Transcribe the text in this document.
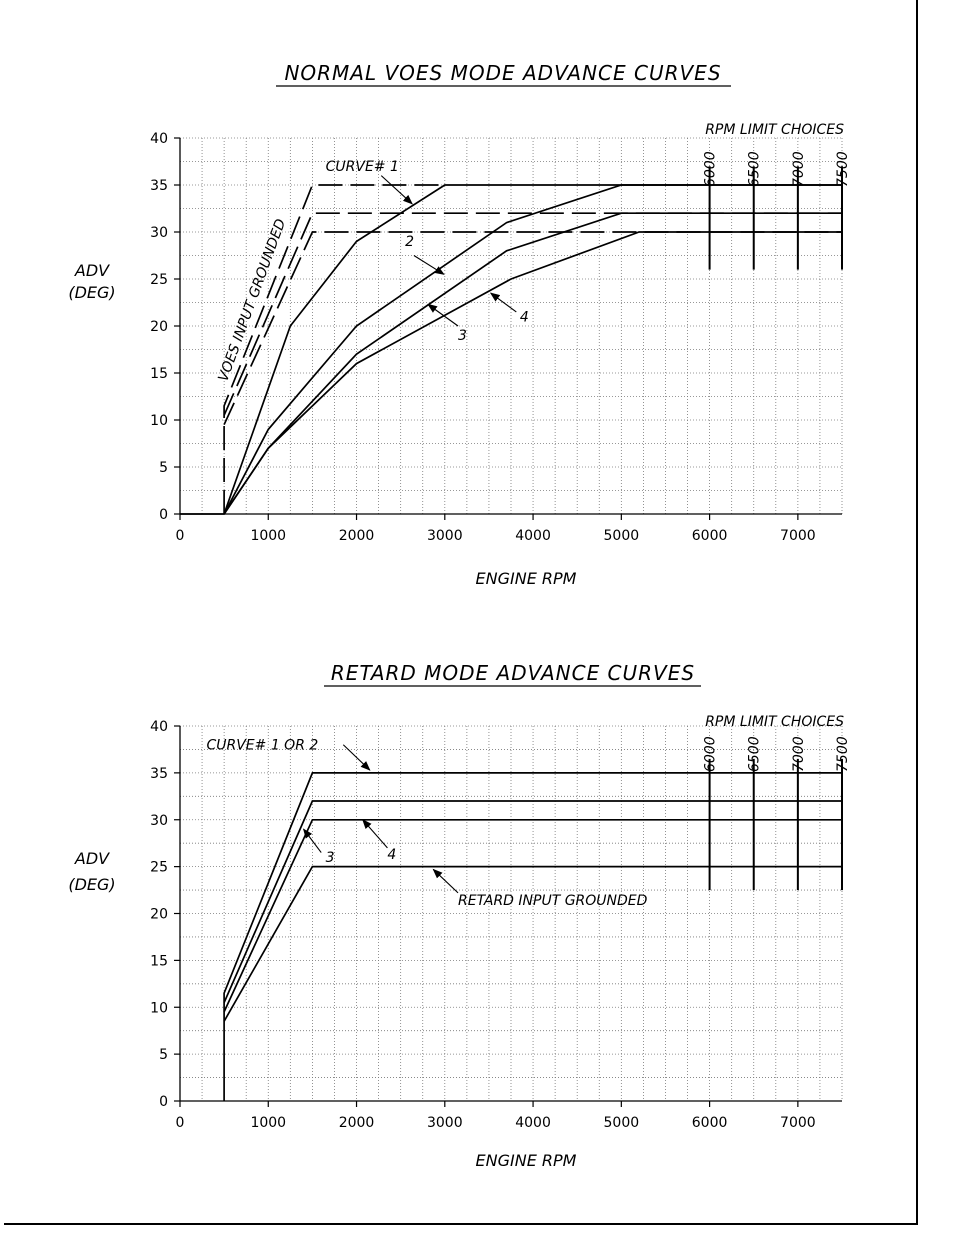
NORMAL VOES MODE ADVANCE CURVES
0
5
10
15
20
25
30
35
40
0	1000	2000	3000	4000	5000	6000	7000
ENGINE RPM
ADV
(DEG)
RPM LIMIT CHOICES
6000 6500 7000 7500
CURVE# 1
2
3
4
VOES INPUT GROUNDED
RETARD MODE ADVANCE CURVES
0
5
10
15
20
25
30
35
40
0	1000	2000	3000	4000	5000	6000	7000
ENGINE RPM
ADV
(DEG)
RPM LIMIT CHOICES
6000 6500 7000 7500
CURVE# 1 OR 2
3	4
RETARD INPUT GROUNDED
